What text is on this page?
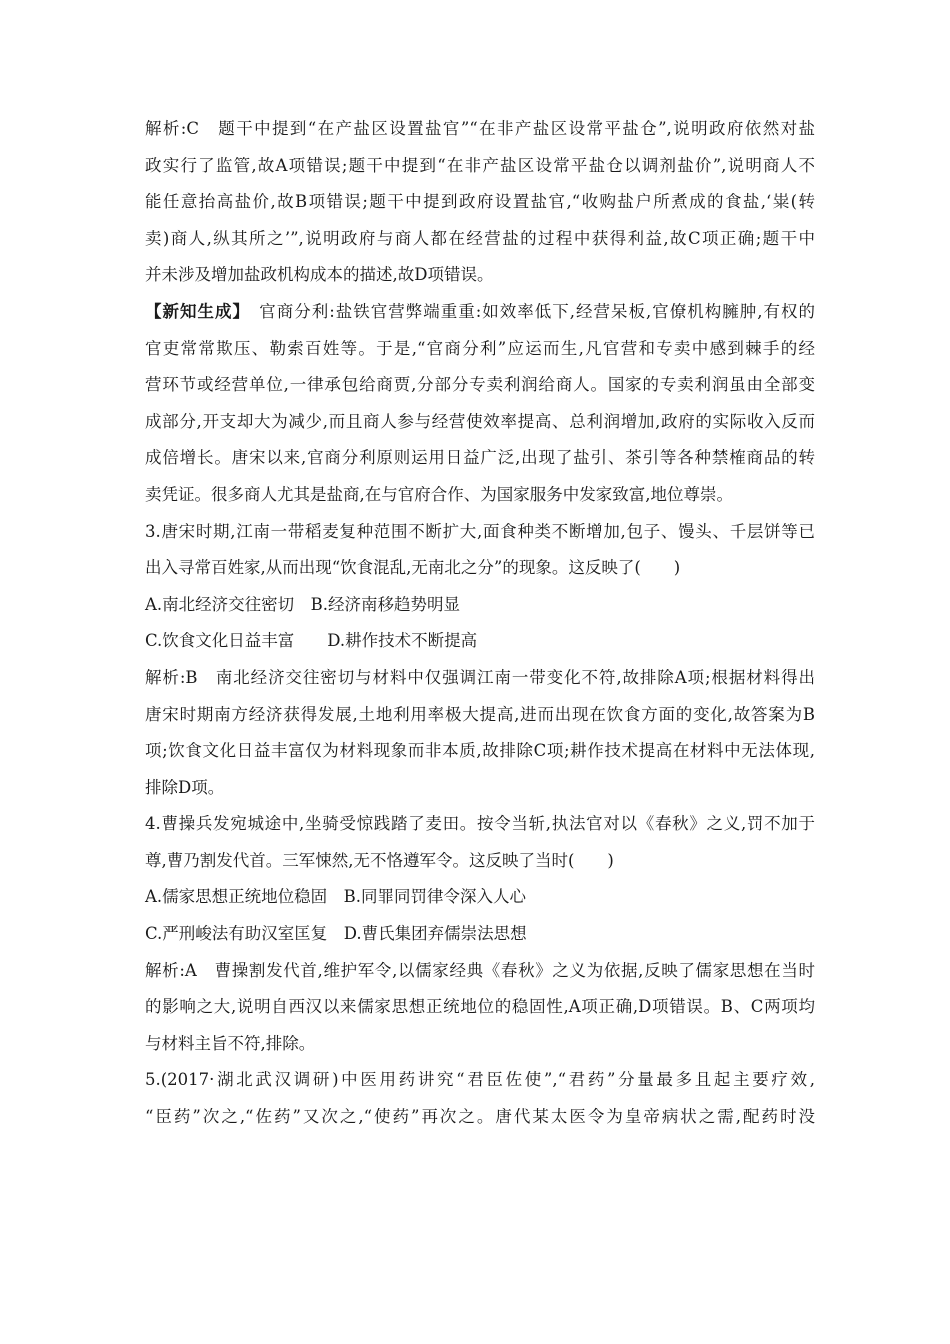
解析:C　题干中提到“在产盐区设置盐官”“在非产盐区设常平盐仓”,说明政府依然对盐
政实行了监管,故A项错误;题干中提到“在非产盐区设常平盐仓以调剂盐价”,说明商人不
能任意抬高盐价,故B项错误;题干中提到政府设置盐官,“收购盐户所煮成的食盐,‘粜(转
卖)商人,纵其所之’”,说明政府与商人都在经营盐的过程中获得利益,故C项正确;题干中
并未涉及增加盐政机构成本的描述,故D项错误。
【新知生成】　官商分利:盐铁官营弊端重重:如效率低下,经营呆板,官僚机构臃肿,有权的
官吏常常欺压、勒索百姓等。于是,“官商分利”应运而生,凡官营和专卖中感到棘手的经
营环节或经营单位,一律承包给商贾,分部分专卖利润给商人。国家的专卖利润虽由全部变
成部分,开支却大为减少,而且商人参与经营使效率提高、总利润增加,政府的实际收入反而
成倍增长。唐宋以来,官商分利原则运用日益广泛,出现了盐引、茶引等各种禁榷商品的转
卖凭证。很多商人尤其是盐商,在与官府合作、为国家服务中发家致富,地位尊崇。
3.唐宋时期,江南一带稻麦复种范围不断扩大,面食种类不断增加,包子、馒头、千层饼等已
出入寻常百姓家,从而出现“饮食混乱,无南北之分”的现象。这反映了(　　)
A.南北经济交往密切　B.经济南移趋势明显
C.饮食文化日益丰富　　D.耕作技术不断提高
解析:B　南北经济交往密切与材料中仅强调江南一带变化不符,故排除A项;根据材料得出
唐宋时期南方经济获得发展,土地利用率极大提高,进而出现在饮食方面的变化,故答案为B
项;饮食文化日益丰富仅为材料现象而非本质,故排除C项;耕作技术提高在材料中无法体现,
排除D项。
4.曹操兵发宛城途中,坐骑受惊践踏了麦田。按令当斩,执法官对以《春秋》之义,罚不加于
尊,曹乃割发代首。三军悚然,无不恪遵军令。这反映了当时(　　)
A.儒家思想正统地位稳固　B.同罪同罚律令深入人心
C.严刑峻法有助汉室匡复　D.曹氏集团弃儒崇法思想
解析:A　曹操割发代首,维护军令,以儒家经典《春秋》之义为依据,反映了儒家思想在当时
的影响之大,说明自西汉以来儒家思想正统地位的稳固性,A项正确,D项错误。B、C两项均
与材料主旨不符,排除。
5.(2017·湖北武汉调研)中医用药讲究“君臣佐使”,“君药”分量最多且起主要疗效,
“臣药”次之,“佐药”又次之,“使药”再次之。唐代某太医令为皇帝病状之需,配药时没
